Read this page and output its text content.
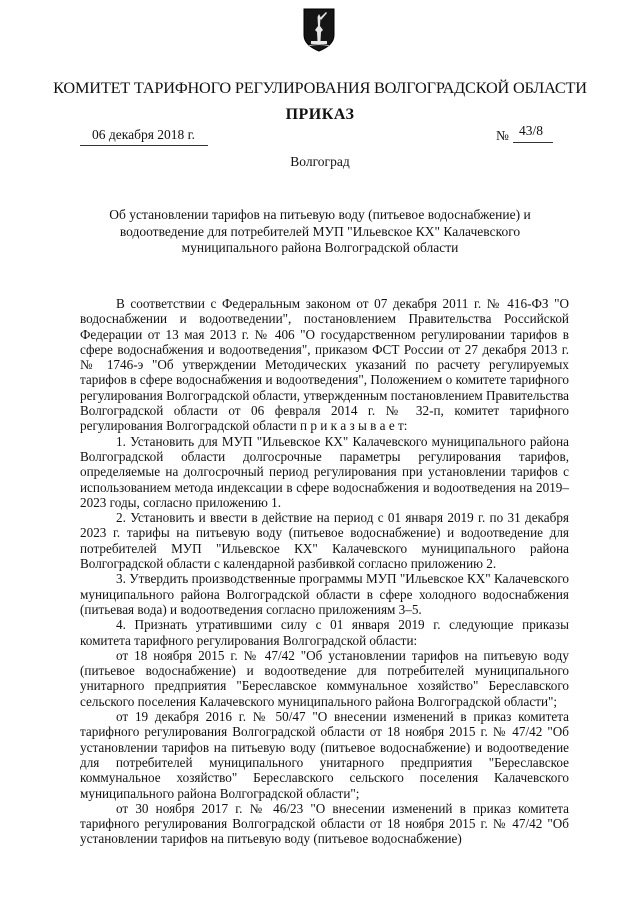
КОМИТЕТ ТАРИФНОГО РЕГУЛИРОВАНИЯ ВОЛГОГРАДСКОЙ ОБЛАСТИ
ПРИКАЗ
06 декабря 2018 г.	№ 43/8
Волгоград
Об установлении тарифов на питьевую воду (питьевое водоснабжение) и водоотведение для потребителей МУП "Ильевское КХ" Калачевского муниципального района Волгоградской области

В соответствии с Федеральным законом от 07 декабря 2011 г. № 416-ФЗ "О водоснабжении и водоотведении", постановлением Правительства Российской Федерации от 13 мая 2013 г. № 406 "О государственном регулировании тарифов в сфере водоснабжения и водоотведения", приказом ФСТ России от 27 декабря 2013 г. № 1746-э "Об утверждении Методических указаний по расчету регулируемых тарифов в сфере водоснабжения и водоотведения", Положением о комитете тарифного регулирования Волгоградской области, утвержденным постановлением Правительства Волгоградской области от 06 февраля 2014 г. № 32-п, комитет тарифного регулирования Волгоградской области п р и к а з ы в а е т:

1. Установить для МУП "Ильевское КХ" Калачевского муниципального района Волгоградской области долгосрочные параметры регулирования тарифов, определяемые на долгосрочный период регулирования при установлении тарифов с использованием метода индексации в сфере водоснабжения и водоотведения на 2019–2023 годы, согласно приложению 1.

2. Установить и ввести в действие на период с 01 января 2019 г. по 31 декабря 2023 г. тарифы на питьевую воду (питьевое водоснабжение) и водоотведение для потребителей МУП "Ильевское КХ" Калачевского муниципального района Волгоградской области с календарной разбивкой согласно приложению 2.

3. Утвердить производственные программы МУП "Ильевское КХ" Калачевского муниципального района Волгоградской области в сфере холодного водоснабжения (питьевая вода) и водоотведения согласно приложениям 3–5.

4. Признать утратившими силу с 01 января 2019 г. следующие приказы комитета тарифного регулирования Волгоградской области:

от 18 ноября 2015 г. № 47/42 "Об установлении тарифов на питьевую воду (питьевое водоснабжение) и водоотведение для потребителей муниципального унитарного предприятия "Береславское коммунальное хозяйство" Береславского сельского поселения Калачевского муниципального района Волгоградской области";

от 19 декабря 2016 г. № 50/47 "О внесении изменений в приказ комитета тарифного регулирования Волгоградской области от 18 ноября 2015 г. № 47/42 "Об установлении тарифов на питьевую воду (питьевое водоснабжение) и водоотведение для потребителей муниципального унитарного предприятия "Береславское коммунальное хозяйство" Береславского сельского поселения Калачевского муниципального района Волгоградской области";

от 30 ноября 2017 г. № 46/23 "О внесении изменений в приказ комитета тарифного регулирования Волгоградской области от 18 ноября 2015 г. № 47/42 "Об установлении тарифов на питьевую воду (питьевое водоснабжение)
